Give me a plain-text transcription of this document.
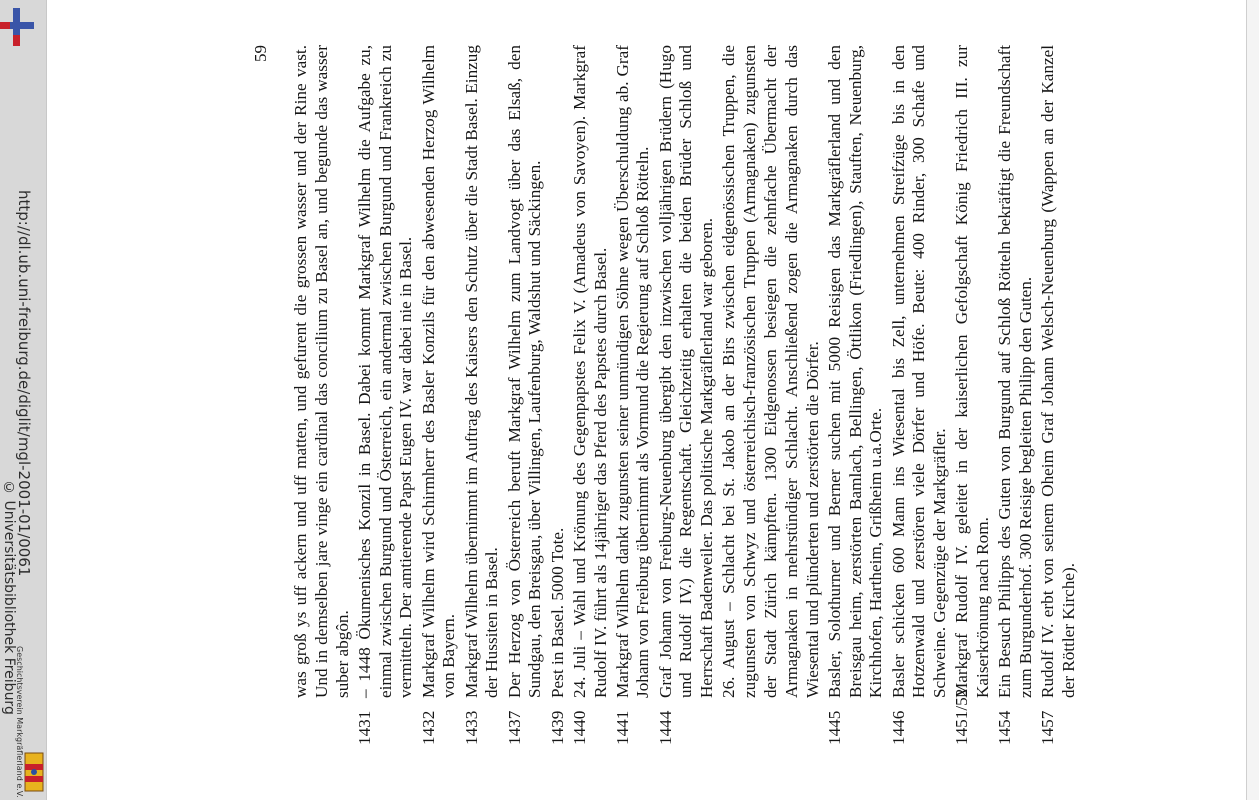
http://dl.ub.uni-freiburg.de/diglit/mgl-2001-01/0061
© Universitätsbibliothek Freiburg
Geschichtsverein Markgräflerland e.V.
59 was groß ys uff ackern und uff matten, und gefurent die grossen wasser und der Rine vast. Und in demselben jare vinge ein cardinal das concilium zu Basel an, und begunde das wasser suber abgôn.

1431– 1448 Ökumenisches Konzil in Basel. Dabei kommt Markgraf Wilhelm die Aufgabe zu, einmal zwischen Burgund und Österreich, ein andermal zwischen Burgund und Frankreich zu vermitteln. Der amtierende Papst Eugen IV. war dabei nie in Basel.

1432Markgraf Wilhelm wird Schirmherr des Basler Konzils für den abwesenden Herzog Wilhelm von Bayern.

1433Markgraf Wilhelm übernimmt im Auftrag des Kaisers den Schutz über die Stadt Basel. Einzug der Hussiten in Basel.

1437Der Herzog von Österreich beruft Markgraf Wilhelm zum Landvogt über das Elsaß, den Sundgau, den Breisgau, über Villingen, Laufenburg, Waldshut und Säckingen.

1439Pest in Basel. 5000 Tote.

144024. Juli – Wahl und Krönung des Gegenpapstes Felix V. (Amadeus von Savoyen). Markgraf Rudolf IV. führt als 14jähriger das Pferd des Papstes durch Basel.

1441Markgraf Wilhelm dankt zugunsten seiner unmündigen Söhne wegen Überschuldung ab. Graf Johann von Freiburg übernimmt als Vormund die Regierung auf Schloß Rötteln.

1444Graf Johann von Freiburg-Neuenburg übergibt den inzwischen volljährigen Brüdern (Hugo und Rudolf IV.) die Regentschaft. Gleichzeitig erhalten die beiden Brüder Schloß und Herrschaft Badenweiler. Das politische Markgräflerland war geboren. 26. August – Schlacht bei St. Jakob an der Birs zwischen eidgenössischen Truppen, die zugunsten von Schwyz und österreichisch-französischen Truppen (Armagnaken) zugunsten der Stadt Zürich kämpften. 1300 Eidgenossen besiegen die zehnfache Übermacht der Armagnaken in mehrstündiger Schlacht. Anschließend zogen die Armagnaken durch das Wiesental und plünderten und zerstörten die Dörfer.

1445Basler, Solothurner und Berner suchen mit 5000 Reisigen das Markgräflerland und den Breisgau heim, zerstörten Bamlach, Bellingen, Öttlikon (Friedlingen), Stauften, Neuenburg, Kirchhofen, Hartheim, Grißheim u.a.Orte.

1446Basler schicken 600 Mann ins Wiesental bis Zell, unternehmen Streifzüge bis in den Hotzenwald und zerstören viele Dörfer und Höfe. Beute: 400 Rinder, 300 Schafe und Schweine. Gegenzüge der Markgräfler.

1451/52Markgraf Rudolf IV. geleitet in der kaiserlichen Gefolgschaft König Friedrich III. zur Kaiserkrönung nach Rom.

1454Ein Besuch Philipps des Guten von Burgund auf Schloß Rötteln bekräftigt die Freundschaft zum Burgunderhof. 300 Reisige begleiten Philipp den Guten.

1457Rudolf IV. erbt von seinem Oheim Graf Johann Welsch-Neuenburg (Wappen an der Kanzel der Röttler Kirche).
